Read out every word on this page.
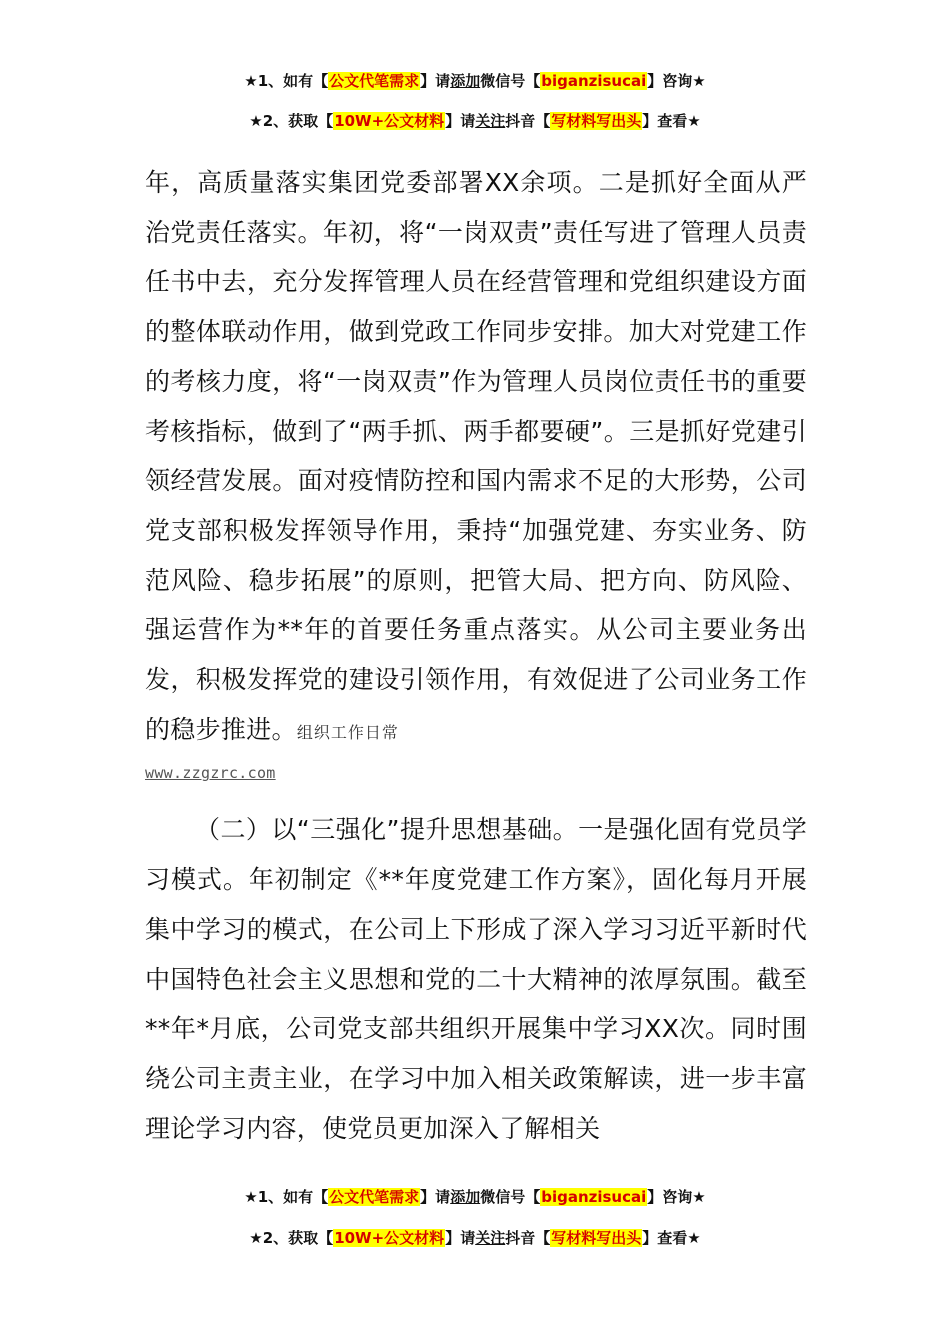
★1、如有【公文代笔需求】请添加微信号【biganzisucai】咨询★
★2、获取【10W+公文材料】请关注抖音【写材料写出头】查看★

年，高质量落实集团党委部署XX余项。二是抓好全面从严治党责任落实。年初，将“一岗双责”责任写进了管理人员责任书中去，充分发挥管理人员在经营管理和党组织建设方面的整体联动作用，做到党政工作同步安排。加大对党建工作的考核力度，将“一岗双责”作为管理人员岗位责任书的重要考核指标，做到了“两手抓、两手都要硬”。三是抓好党建引领经营发展。面对疫情防控和国内需求不足的大形势，公司党支部积极发挥领导作用，秉持“加强党建、夯实业务、防范风险、稳步拓展”的原则，把管大局、把方向、防风险、强运营作为**年的首要任务重点落实。从公司主要业务出发，积极发挥党的建设引领作用，有效促进了公司业务工作的稳步推进。组织工作日常

www.zzgzrc.com

（二）以“三强化”提升思想基础。一是强化固有党员学习模式。年初制定《**年度党建工作方案》，固化每月开展集中学习的模式，在公司上下形成了深入学习习近平新时代中国特色社会主义思想和党的二十大精神的浓厚氛围。截至**年*月底，公司党支部共组织开展集中学习XX次。同时围绕公司主责主业，在学习中加入相关政策解读，进一步丰富理论学习内容，使党员更加深入了解相关

★1、如有【公文代笔需求】请添加微信号【biganzisucai】咨询★
★2、获取【10W+公文材料】请关注抖音【写材料写出头】查看★
